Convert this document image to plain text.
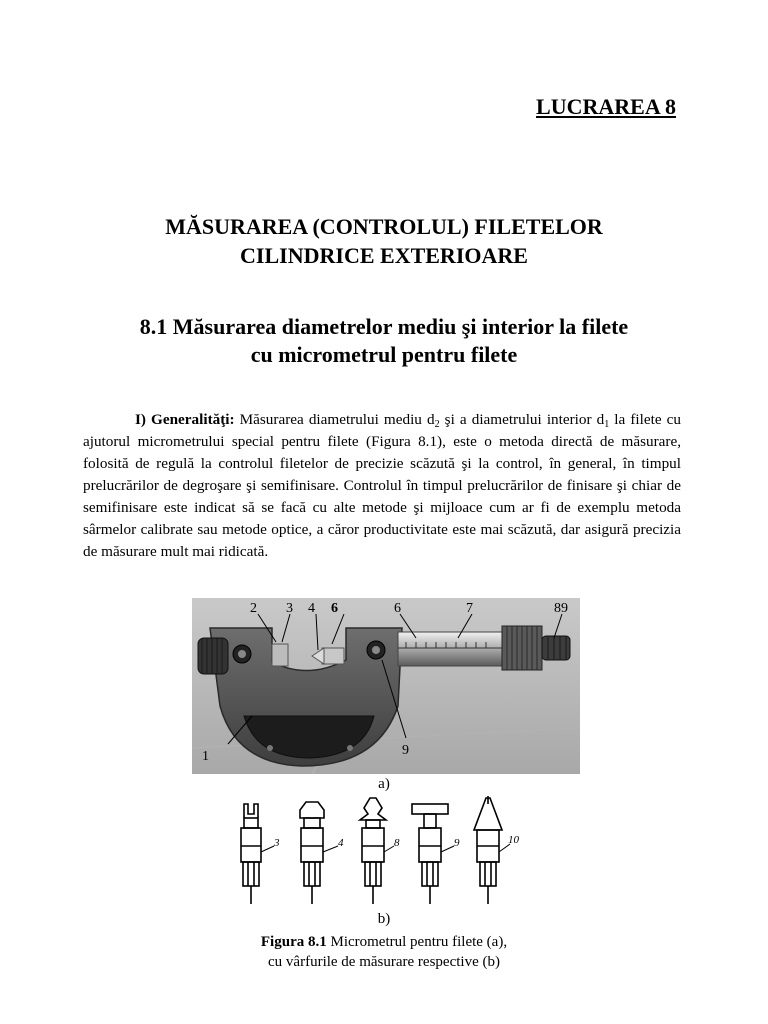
LUCRAREA 8
MĂSURAREA (CONTROLUL) FILETELOR
CILINDRICE EXTERIOARE
8.1 Măsurarea diametrelor mediu şi interior la filete
cu micrometrul pentru filete

I) Generalităţi: Măsurarea diametrului mediu $d_2$ şi a diametrului interior $d_1$ la filete cu ajutorul micrometrului special pentru filete (Figura 8.1), este o metoda directă de măsurare, folosită de regulă la controlul filetelor de precizie scăzută şi la control, în general, în timpul prelucrărilor de degroşare şi semifinisare. Controlul în timpul prelucrărilor de finisare şi chiar de semifinisare este indicat să se facă cu alte metode şi mijloace cum ar fi de exemplu metoda sârmelor calibrate sau metode optice, a căror productivitate este mai scăzută, dar asigură precizia de măsurare mult mai ridicată.

2 3 4 6	6	7	89
1	9
a)
3	4	8	9	10
b)
Figura 8.1 Micrometrul pentru filete (a),
cu vârfurile de măsurare respective (b)
